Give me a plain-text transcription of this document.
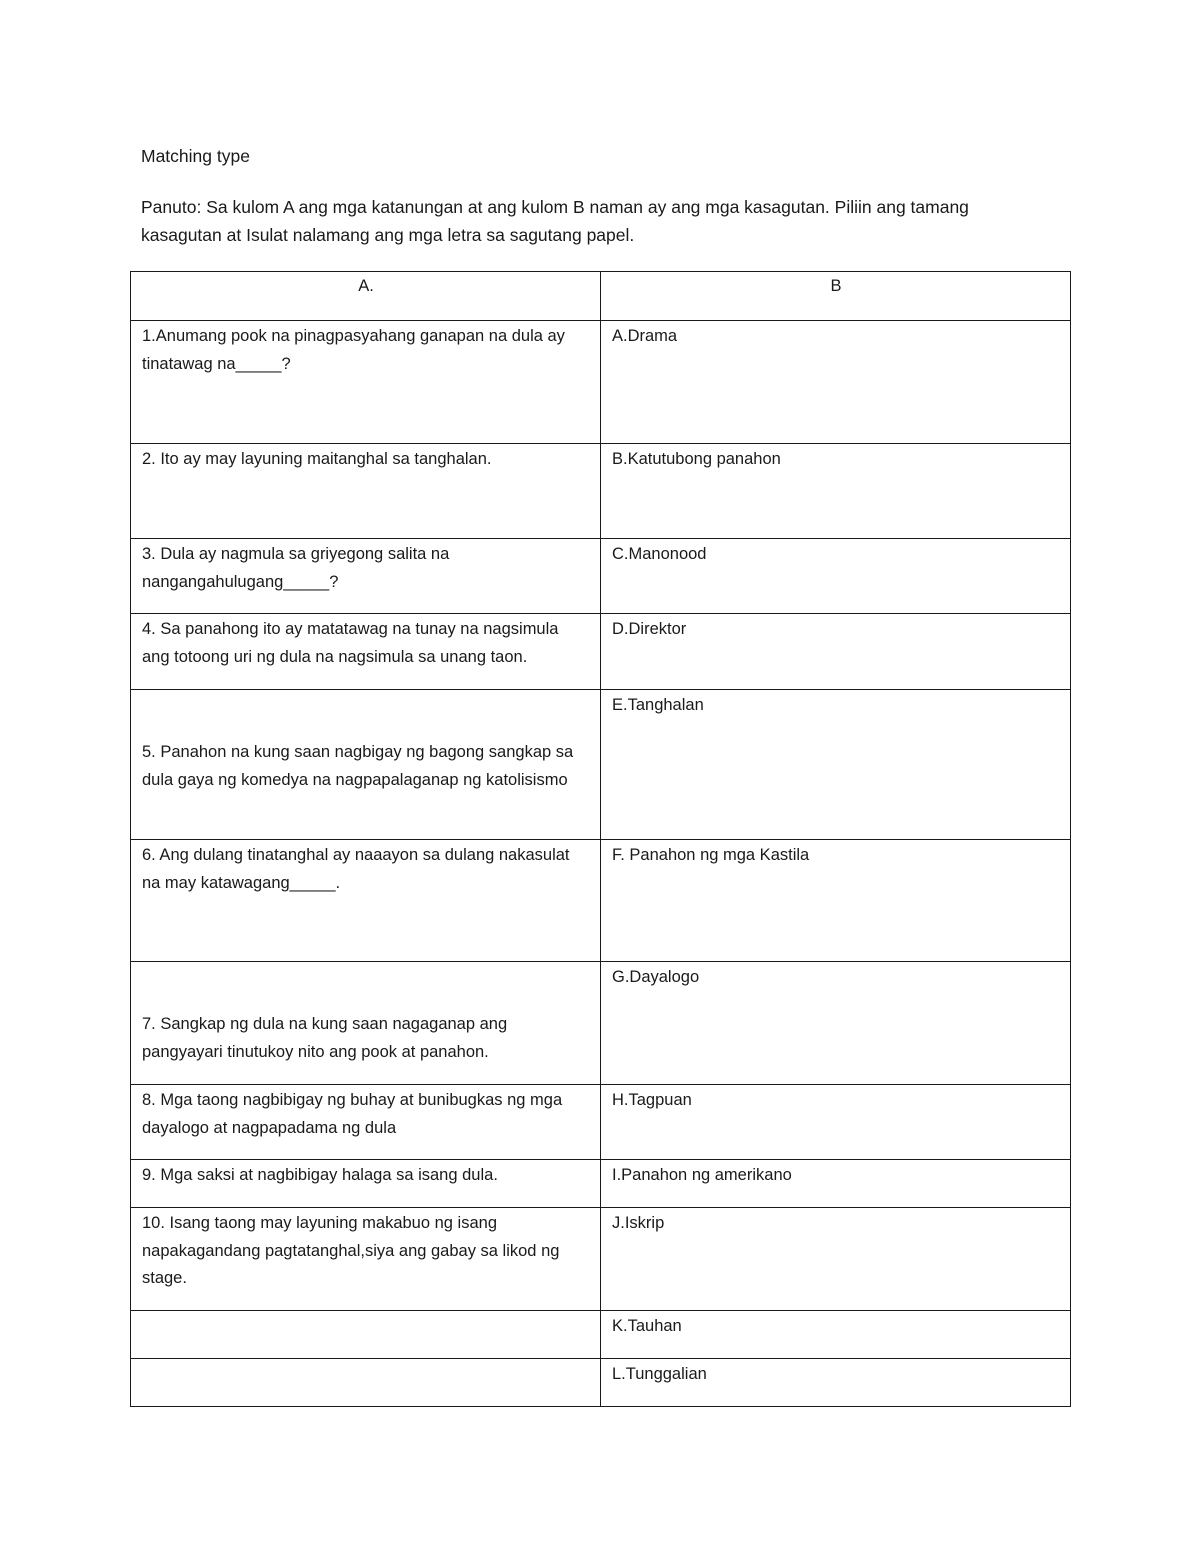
Matching type

Panuto: Sa kulom A ang mga katanungan at ang kulom B naman ay ang mga kasagutan. Piliin ang tamang kasagutan at Isulat nalamang ang mga letra sa sagutang papel.

A.	B
1.Anumang pook na pinagpasyahang ganapan na dula ay tinatawag na_____?	A.Drama
2. Ito ay may layuning maitanghal sa tanghalan.	B.Katutubong panahon
3. Dula ay nagmula sa griyegong salita na nangangahulugang_____?	C.Manonood
4. Sa panahong ito ay matatawag na tunay na nagsimula ang totoong uri ng dula na nagsimula sa unang taon.	D.Direktor

5. Panahon na kung saan nagbigay ng bagong sangkap sa dula gaya ng komedya na nagpapalaganap ng katolisismo	E.Tanghalan
6. Ang dulang tinatanghal ay naaayon sa dulang nakasulat na may katawagang_____.	F. Panahon ng mga Kastila

7. Sangkap ng dula na kung saan nagaganap ang pangyayari tinutukoy nito ang pook at panahon.	G.Dayalogo
8. Mga taong nagbibigay ng buhay at bunibugkas ng mga dayalogo at nagpapadama ng dula	H.Tagpuan
9. Mga saksi at nagbibigay halaga sa isang dula.	I.Panahon ng amerikano
10. Isang taong may layuning makabuo ng isang napakagandang pagtatanghal,siya ang gabay sa likod ng stage.	J.Iskrip
	K.Tauhan
	L.Tunggalian
